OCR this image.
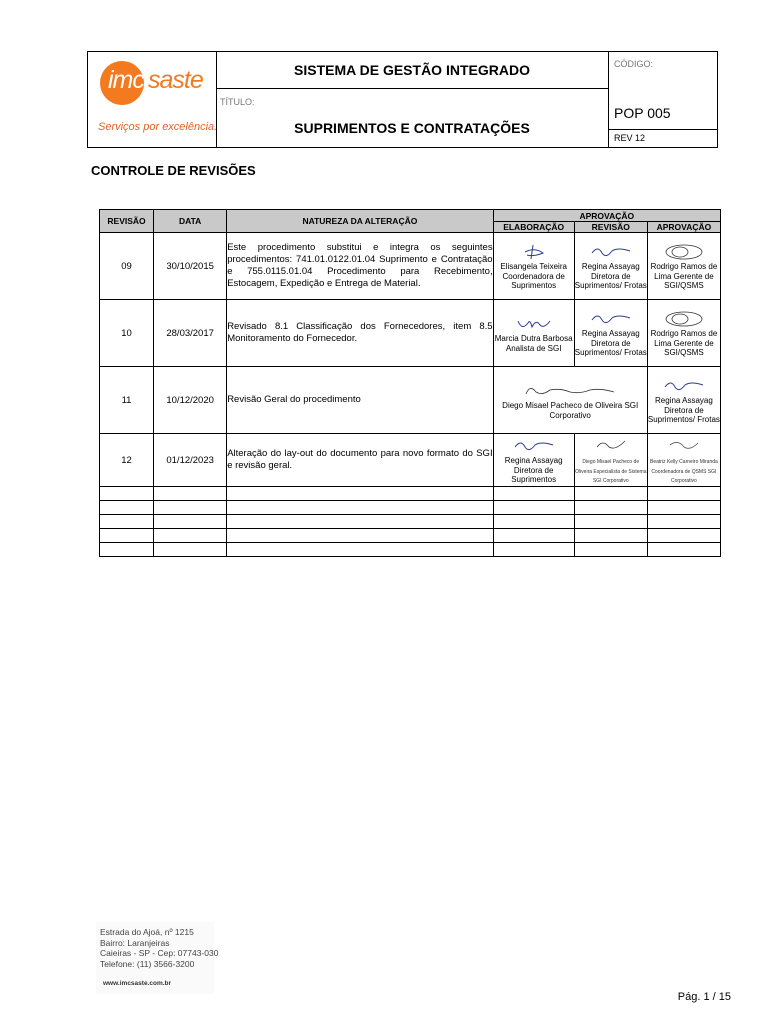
imc saste
Serviços por excelência.
SISTEMA DE GESTÃO INTEGRADO
TÍTULO:
SUPRIMENTOS E CONTRATAÇÕES
CÓDIGO:
POP 005
REV 12
CONTROLE DE REVISÕES
REVISÃO	DATA	NATUREZA DA ALTERAÇÃO	APROVAÇÃO		
			ELABORAÇÃO	REVISÃO	APROVAÇÃO
09	30/10/2015	Este procedimento substitui e integra os seguintes procedimentos: 741.01.0122.01.04 Suprimento e Contratação e 755.0115.01.04 Procedimento para Recebimento, Estocagem, Expedição e Entrega de Material.	Elisangela Teixeira Coordenadora de Suprimentos	Regina Assayag Diretora de Suprimentos/ Frotas	Rodrigo Ramos de Lima Gerente de SGI/QSMS
10	28/03/2017	Revisado 8.1 Classificação dos Fornecedores, item 8.5 Monitoramento do Fornecedor.	Marcia Dutra Barbosa Analista de SGI	Regina Assayag Diretora de Suprimentos/ Frotas	Rodrigo Ramos de Lima Gerente de SGI/QSMS
11	10/12/2020	Revisão Geral do procedimento	Diego Misael Pacheco de Oliveira SGI Corporativo		Regina Assayag Diretora de Suprimentos/ Frotas
12	01/12/2023	Alteração do lay-out do documento para novo formato do SGI e revisão geral.	Regina Assayag Diretora de Suprimentos	Diego Misael Pacheco de Oliveira Especialista de Sistema SGI Corporativo	Beatriz Kelly Carneiro Miranda Coordenadora de QSMS SGI Corporativo

Estrada do Ajoá, nº 1215
Bairro: Laranjeiras
Caieiras - SP - Cep: 07743-030
Telefone: (11) 3566-3200
www.imcsaste.com.br
Pág. 1 / 15
